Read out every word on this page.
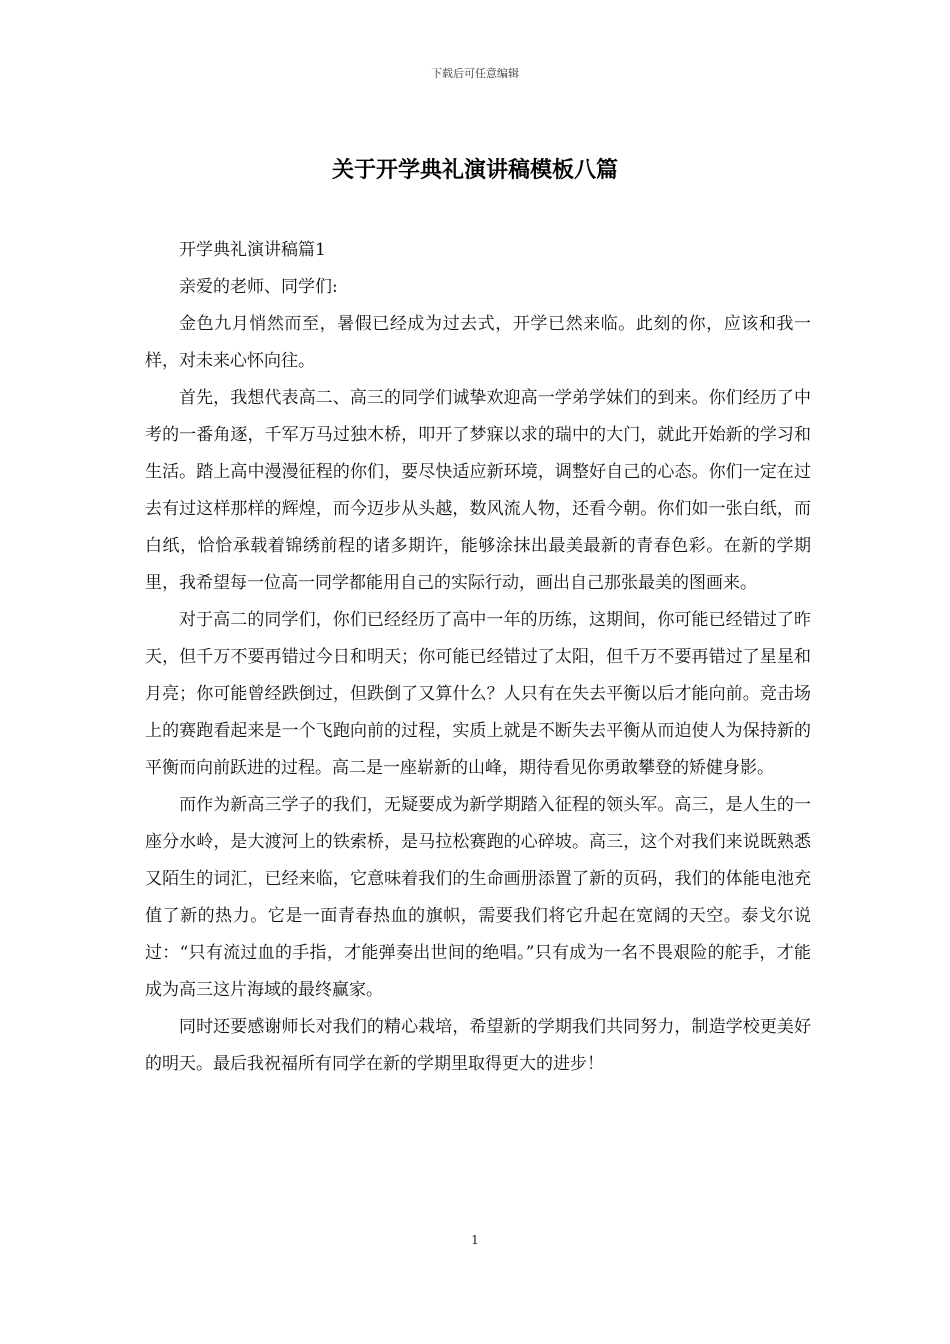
下载后可任意编辑
关于开学典礼演讲稿模板八篇

开学典礼演讲稿篇1

亲爱的老师、同学们:

金色九月悄然而至，暑假已经成为过去式，开学已然来临。此刻的你，应该和我一样，对未来心怀向往。

首先，我想代表高二、高三的同学们诚挚欢迎高一学弟学妹们的到来。你们经历了中考的一番角逐，千军万马过独木桥，叩开了梦寐以求的瑞中的大门，就此开始新的学习和生活。踏上高中漫漫征程的你们，要尽快适应新环境，调整好自己的心态。你们一定在过去有过这样那样的辉煌，而今迈步从头越，数风流人物，还看今朝。你们如一张白纸，而白纸，恰恰承载着锦绣前程的诸多期许，能够涂抹出最美最新的青春色彩。在新的学期里，我希望每一位高一同学都能用自己的实际行动，画出自己那张最美的图画来。

对于高二的同学们，你们已经经历了高中一年的历练，这期间，你可能已经错过了昨天，但千万不要再错过今日和明天；你可能已经错过了太阳，但千万不要再错过了星星和月亮；你可能曾经跌倒过，但跌倒了又算什么？人只有在失去平衡以后才能向前。竞击场上的赛跑看起来是一个飞跑向前的过程，实质上就是不断失去平衡从而迫使人为保持新的平衡而向前跃进的过程。高二是一座崭新的山峰，期待看见你勇敢攀登的矫健身影。

而作为新高三学子的我们，无疑要成为新学期踏入征程的领头军。高三，是人生的一座分水岭，是大渡河上的铁索桥，是马拉松赛跑的心碎坡。高三，这个对我们来说既熟悉又陌生的词汇，已经来临，它意味着我们的生命画册添置了新的页码，我们的体能电池充值了新的热力。它是一面青春热血的旗帜，需要我们将它升起在宽阔的天空。泰戈尔说过：“只有流过血的手指，才能弹奏出世间的绝唱。”只有成为一名不畏艰险的舵手，才能成为高三这片海域的最终赢家。

同时还要感谢师长对我们的精心栽培，希望新的学期我们共同努力，制造学校更美好的明天。最后我祝福所有同学在新的学期里取得更大的进步！

1
